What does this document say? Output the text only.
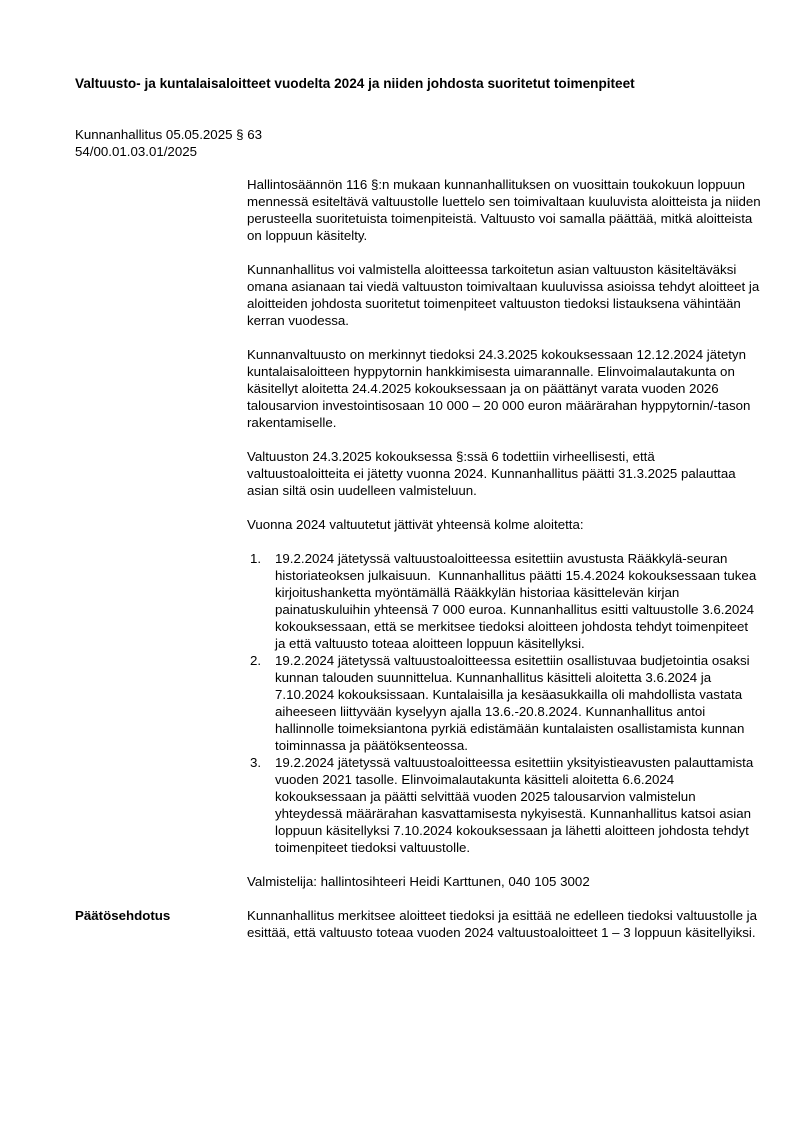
Valtuusto- ja kuntalaisaloitteet vuodelta 2024 ja niiden johdosta suoritetut toimenpiteet
Kunnanhallitus 05.05.2025 § 63
54/00.01.03.01/2025

Hallintosäännön 116 §:n mukaan kunnanhallituksen on vuosittain toukokuun loppuun mennessä esiteltävä valtuustolle luettelo sen toimivaltaan kuuluvista aloitteista ja niiden perusteella suoritetuista toimenpiteistä. Valtuusto voi samalla päättää, mitkä aloitteista on loppuun käsitelty.

Kunnanhallitus voi valmistella aloitteessa tarkoitetun asian valtuuston käsiteltäväksi omana asianaan tai viedä valtuuston toimivaltaan kuuluvissa asioissa tehdyt aloitteet ja aloitteiden johdosta suoritetut toimenpiteet valtuuston tiedoksi listauksena vähintään kerran vuodessa.

Kunnanvaltuusto on merkinnyt tiedoksi 24.3.2025 kokouksessaan 12.12.2024 jätetyn kuntalaisaloitteen hyppytornin hankkimisesta uimarannalle. Elinvoimalautakunta on käsitellyt aloitetta 24.4.2025 kokouksessaan ja on päättänyt varata vuoden 2026 talousarvion investointisosaan 10 000 – 20 000 euron määrärahan hyppytornin/-tason rakentamiselle.

Valtuuston 24.3.2025 kokouksessa §:ssä 6 todettiin virheellisesti, että valtuustoaloitteita ei jätetty vuonna 2024. Kunnanhallitus päätti 31.3.2025 palauttaa asian siltä osin uudelleen valmisteluun.

Vuonna 2024 valtuutetut jättivät yhteensä kolme aloitetta:

19.2.2024 jätetyssä valtuustoaloitteessa esitettiin avustusta Rääkkylä-seuran historiateoksen julkaisuun.  Kunnanhallitus päätti 15.4.2024 kokouksessaan tukea kirjoitushanketta myöntämällä Rääkkylän historiaa käsittelevän kirjan painatuskuluihin yhteensä 7 000 euroa. Kunnanhallitus esitti valtuustolle 3.6.2024 kokouksessaan, että se merkitsee tiedoksi aloitteen johdosta tehdyt toimenpiteet ja että valtuusto toteaa aloitteen loppuun käsitellyksi.
19.2.2024 jätetyssä valtuustoaloitteessa esitettiin osallistuvaa budjetointia osaksi kunnan talouden suunnittelua. Kunnanhallitus käsitteli aloitetta 3.6.2024 ja 7.10.2024 kokouksissaan. Kuntalaisilla ja kesäasukkailla oli mahdollista vastata aiheeseen liittyvään kyselyyn ajalla 13.6.-20.8.2024. Kunnanhallitus antoi hallinnolle toimeksiantona pyrkiä edistämään kuntalaisten osallistamista kunnan toiminnassa ja päätöksenteossa.
19.2.2024 jätetyssä valtuustoaloitteessa esitettiin yksityistieavusten palauttamista vuoden 2021 tasolle. Elinvoimalautakunta käsitteli aloitetta 6.6.2024 kokouksessaan ja päätti selvittää vuoden 2025 talousarvion valmistelun yhteydessä määrärahan kasvattamisesta nykyisestä. Kunnanhallitus katsoi asian loppuun käsitellyksi 7.10.2024 kokouksessaan ja lähetti aloitteen johdosta tehdyt toimenpiteet tiedoksi valtuustolle.

Valmistelija: hallintosihteeri Heidi Karttunen, 040 105 3002

Päätösehdotus	Kunnanhallitus merkitsee aloitteet tiedoksi ja esittää ne edelleen tiedoksi valtuustolle ja esittää, että valtuusto toteaa vuoden 2024 valtuustoaloitteet 1 – 3 loppuun käsitellyiksi.
